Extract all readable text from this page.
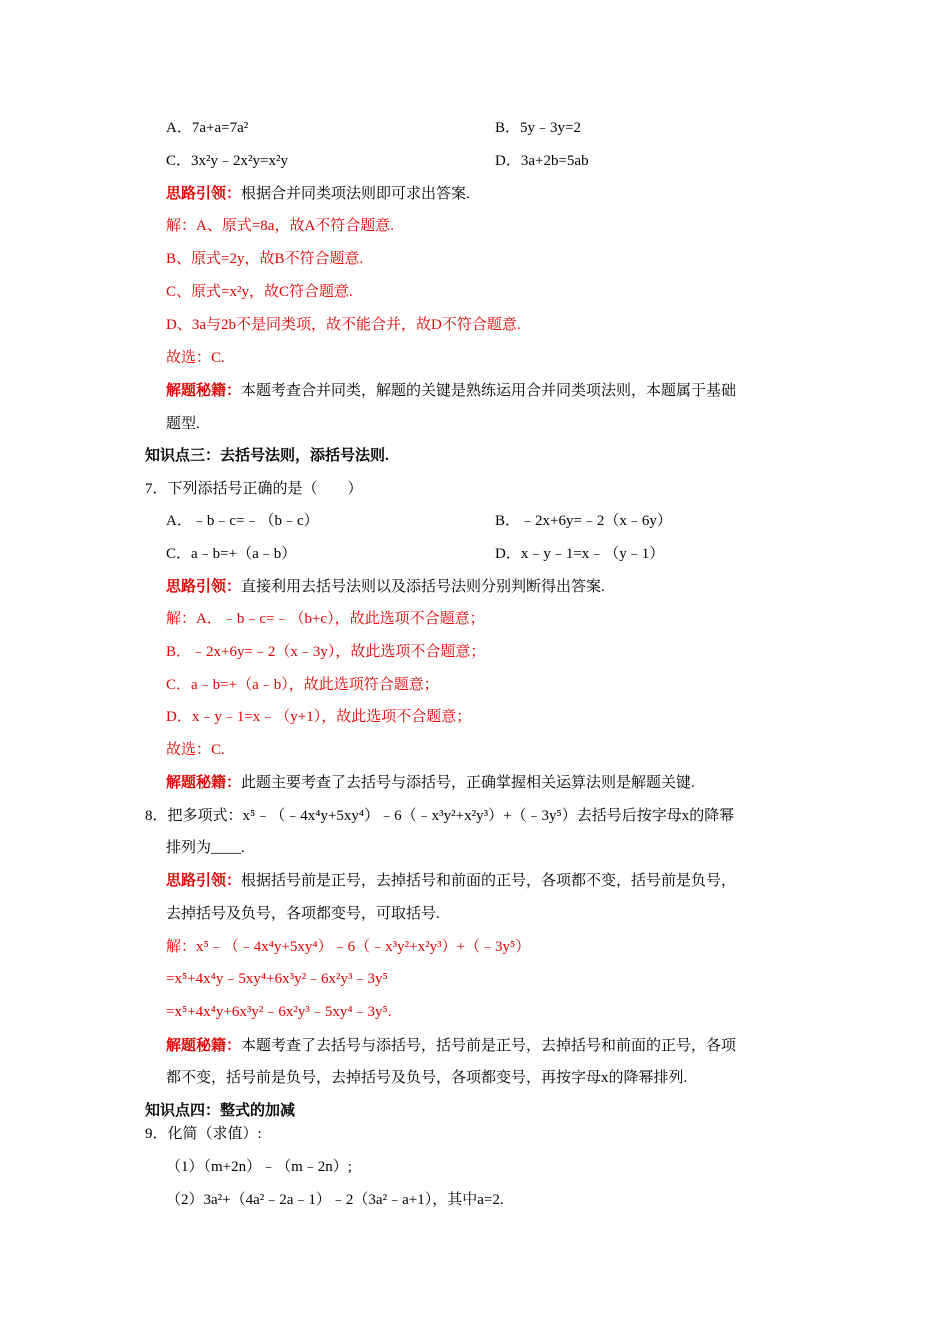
A．7a+a=7a²	B．5y﹣3y=2
C．3x²y﹣2x²y=x²y	D．3a+2b=5ab
思路引领：根据合并同类项法则即可求出答案.
解：A、原式=8a，故A不符合题意.
B、原式=2y，故B不符合题意.
C、原式=x²y，故C符合题意.
D、3a与2b不是同类项，故不能合并，故D不符合题意.
故选：C.
解题秘籍：本题考查合并同类，解题的关键是熟练运用合并同类项法则，本题属于基础
题型.
知识点三：去括号法则，添括号法则.
7．下列添括号正确的是（　　）
A．﹣b﹣c=﹣（b﹣c）	B．﹣2x+6y=﹣2（x﹣6y）
C．a﹣b=+（a﹣b）	D．x﹣y﹣1=x﹣（y﹣1）
思路引领：直接利用去括号法则以及添括号法则分别判断得出答案.
解：A．﹣b﹣c=﹣（b+c），故此选项不合题意；
B．﹣2x+6y=﹣2（x﹣3y），故此选项不合题意；
C．a﹣b=+（a﹣b），故此选项符合题意；
D．x﹣y﹣1=x﹣（y+1），故此选项不合题意；
故选：C.
解题秘籍：此题主要考查了去括号与添括号，正确掌握相关运算法则是解题关键.
8．把多项式：x⁵﹣（﹣4x⁴y+5xy⁴）﹣6（﹣x³y²+x²y³）+（﹣3y⁵）去括号后按字母x的降幂
排列为____.
思路引领：根据括号前是正号，去掉括号和前面的正号，各项都不变，括号前是负号，
去掉括号及负号，各项都变号，可取括号.
解：x⁵﹣（﹣4x⁴y+5xy⁴）﹣6（﹣x³y²+x²y³）+（﹣3y⁵）
=x⁵+4x⁴y﹣5xy⁴+6x³y²﹣6x²y³﹣3y⁵
=x⁵+4x⁴y+6x³y²﹣6x²y³﹣5xy⁴﹣3y⁵.
解题秘籍：本题考查了去括号与添括号，括号前是正号，去掉括号和前面的正号，各项
都不变，括号前是负号，去掉括号及负号，各项都变号，再按字母x的降幂排列.
知识点四：整式的加减
9．化简（求值）:
（1）（m+2n）﹣（m﹣2n）;
（2）3a²+（4a²﹣2a﹣1）﹣2（3a²﹣a+1），其中a=2.
